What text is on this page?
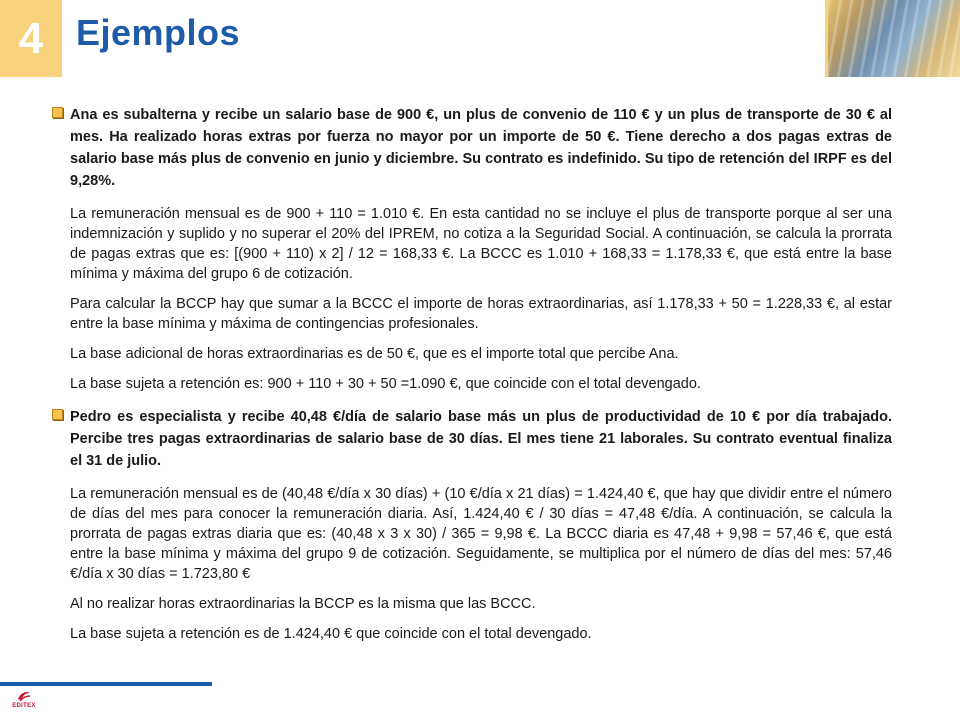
4 Ejemplos
Ana es subalterna y recibe un salario base de 900 €, un plus de convenio de 110 € y un plus de transporte de 30 € al mes. Ha realizado horas extras por fuerza no mayor por un importe de 50 €. Tiene derecho a dos pagas extras de salario base más plus de convenio en junio y diciembre. Su contrato es indefinido. Su tipo de retención del IRPF es del 9,28%.

La remuneración mensual es de 900 + 110 = 1.010 €. En esta cantidad no se incluye el plus de transporte porque al ser una indemnización y suplido y no superar el 20% del IPREM, no cotiza a la Seguridad Social. A continuación, se calcula la prorrata de pagas extras que es: [(900 + 110) x 2] / 12 = 168,33 €. La BCCC es 1.010 + 168,33 = 1.178,33 €, que está entre la base mínima y máxima del grupo 6 de cotización.

Para calcular la BCCP hay que sumar a la BCCC el importe de horas extraordinarias, así 1.178,33 + 50 = 1.228,33 €, al estar entre la base mínima y máxima de contingencias profesionales.

La base adicional de horas extraordinarias es de 50 €, que es el importe total que percibe Ana.

La base sujeta a retención es: 900 + 110 + 30 + 50 =1.090 €, que coincide con el total devengado.

Pedro es especialista y recibe 40,48 €/día de salario base más un plus de productividad de 10 € por día trabajado. Percibe tres pagas extraordinarias de salario base de 30 días. El mes tiene 21 laborales. Su contrato eventual finaliza el 31 de julio.

La remuneración mensual es de (40,48 €/día x 30 días) + (10 €/día x 21 días) = 1.424,40 €, que hay que dividir entre el número de días del mes para conocer la remuneración diaria. Así, 1.424,40 € / 30 días = 47,48 €/día. A continuación, se calcula la prorrata de pagas extras diaria que es: (40,48 x 3 x 30) / 365 = 9,98 €. La BCCC diaria es 47,48 + 9,98 = 57,46 €, que está entre la base mínima y máxima del grupo 9 de cotización. Seguidamente, se multiplica por el número de días del mes: 57,46 €/día x 30 días = 1.723,80 €

Al no realizar horas extraordinarias la BCCP es la misma que las BCCC.

La base sujeta a retención es de 1.424,40 € que coincide con el total devengado.

EDITEX
